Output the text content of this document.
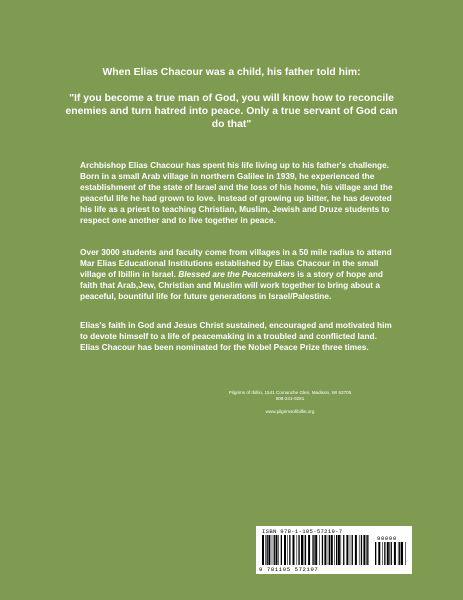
When Elias Chacour was a child, his father told him:
"If you become a true man of God, you will know how to reconcile enemies and turn hatred into peace. Only a true servant of God can do that"
Archbishop Elias Chacour has spent his life living up to his father's challenge. Born in a small Arab village in northern Galilee in 1939, he experienced the establishment of the state of Israel and the loss of his home, his village and the peaceful life he had grown to love. Instead of growing up bitter, he has devoted his life as a priest to teaching Christian, Muslim, Jewish and Druze students to respect one another and to live together in peace.
Over 3000 students and faculty come from villages in a 50 mile radius to attend Mar Elias Educational Institutions established by Elias Chacour in the small village of Ibillin in Israel. Blessed are the Peacemakers is a story of hope and faith that Arab,Jew, Christian and Muslim will work together to bring about a peaceful, bountiful life for future generations in Israel/Palestine.
Elias's faith in God and Jesus Christ sustained, encouraged and motivated him to devote himself to a life of peacemaking in a troubled and conflicted land. Elias Chacour has been nominated for the Nobel Peace Prize three times.
Pilgrims of Ibillin, 1541 Comanche Glen, Madison, WI 53705
608-241-9281
www.pilgrimsofibillin.org
ISBN 978-1-105-57219-7
90000
9 781105 572197
